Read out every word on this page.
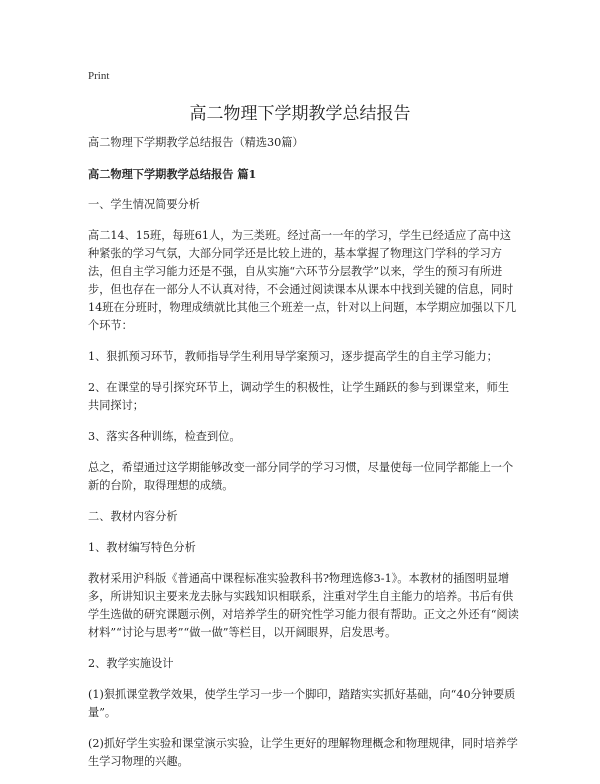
Print
高二物理下学期教学总结报告

高二物理下学期教学总结报告（精选30篇）

高二物理下学期教学总结报告 篇1

一、学生情况简要分析

高二14、15班，每班61人，为三类班。经过高一一年的学习，学生已经适应了高中这种紧张的学习气氛，大部分同学还是比较上进的，基本掌握了物理这门学科的学习方法，但自主学习能力还是不强，自从实施“六环节分层教学”以来，学生的预习有所进步，但也存在一部分人不认真对待，不会通过阅读课本从课本中找到关键的信息，同时14班在分班时，物理成绩就比其他三个班差一点，针对以上问题，本学期应加强以下几个环节：

1、狠抓预习环节，教师指导学生利用导学案预习，逐步提高学生的自主学习能力；

2、在课堂的导引探究环节上，调动学生的积极性，让学生踊跃的参与到课堂来，师生共同探讨；

3、落实各种训练，检查到位。

总之，希望通过这学期能够改变一部分同学的学习习惯，尽量使每一位同学都能上一个新的台阶，取得理想的成绩。

二、教材内容分析

1、教材编写特色分析

教材采用沪科版《普通高中课程标准实验教科书?物理选修3-1》。本教材的插图明显增多，所讲知识主要来龙去脉与实践知识相联系，注重对学生自主能力的培养。书后有供学生选做的研究课题示例，对培养学生的研究性学习能力很有帮助。正文之外还有“阅读材料”“讨论与思考”“做一做”等栏目，以开阔眼界，启发思考。

2、教学实施设计

(1)狠抓课堂教学效果，使学生学习一步一个脚印，踏踏实实抓好基础，向“40分钟要质量”。

(2)抓好学生实验和课堂演示实验，让学生更好的理解物理概念和物理规律，同时培养学生学习物理的兴趣。
